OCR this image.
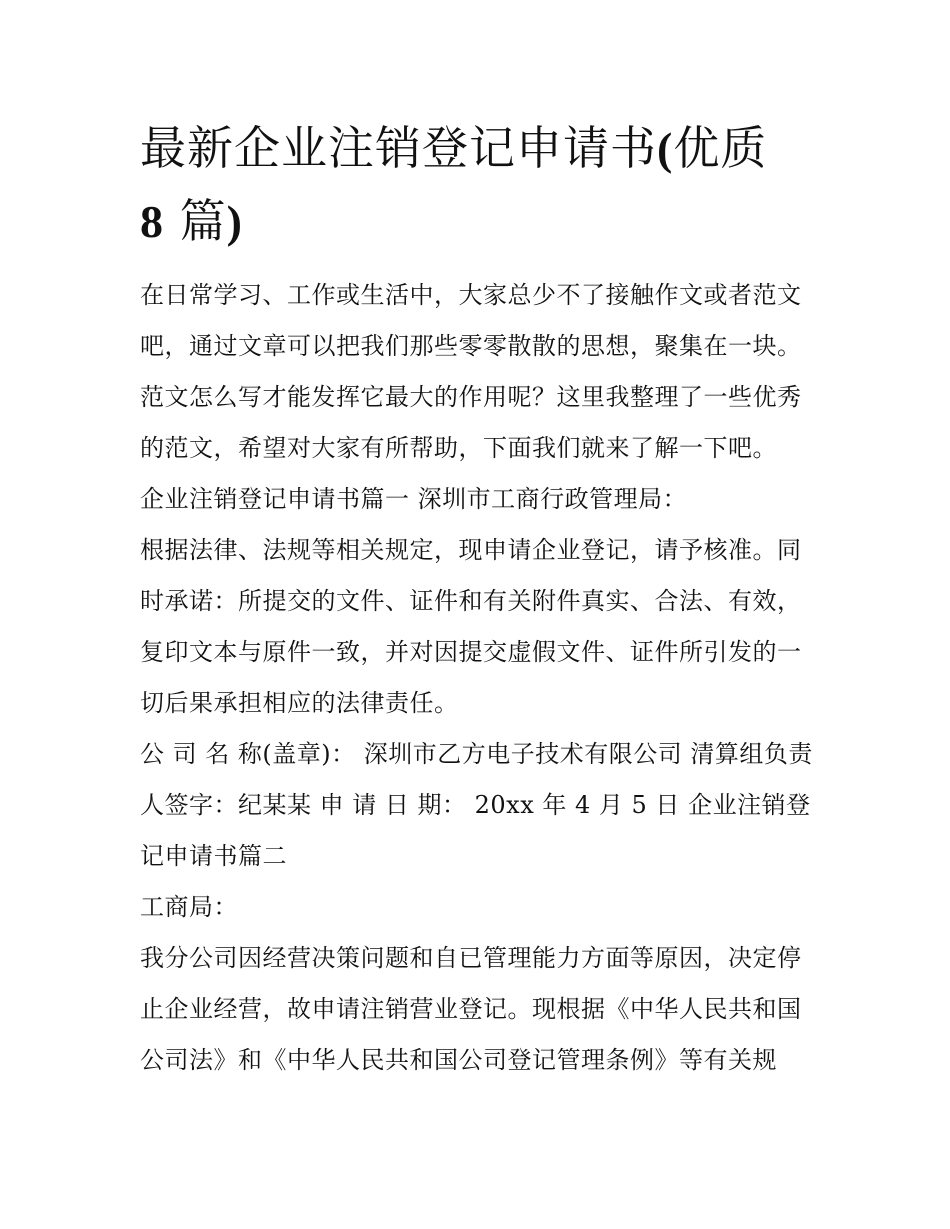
最新企业注销登记申请书(优质
8 篇)

在日常学习、工作或生活中，大家总少不了接触作文或者范文吧，通过文章可以把我们那些零零散散的思想，聚集在一块。范文怎么写才能发挥它最大的作用呢？这里我整理了一些优秀的范文，希望对大家有所帮助，下面我们就来了解一下吧。

企业注销登记申请书篇一 深圳市工商行政管理局：

根据法律、法规等相关规定，现申请企业登记，请予核准。同时承诺：所提交的文件、证件和有关附件真实、合法、有效，复印文本与原件一致，并对因提交虚假文件、证件所引发的一切后果承担相应的法律责任。

公 司 名 称(盖章)： 深圳市乙方电子技术有限公司 清算组负责人签字：纪某某 申 请 日 期： 20xx 年 4 月 5 日 企业注销登记申请书篇二

工商局：

我分公司因经营决策问题和自已管理能力方面等原因，决定停止企业经营，故申请注销营业登记。现根据《中华人民共和国公司法》和《中华人民共和国公司登记管理条例》等有关规
